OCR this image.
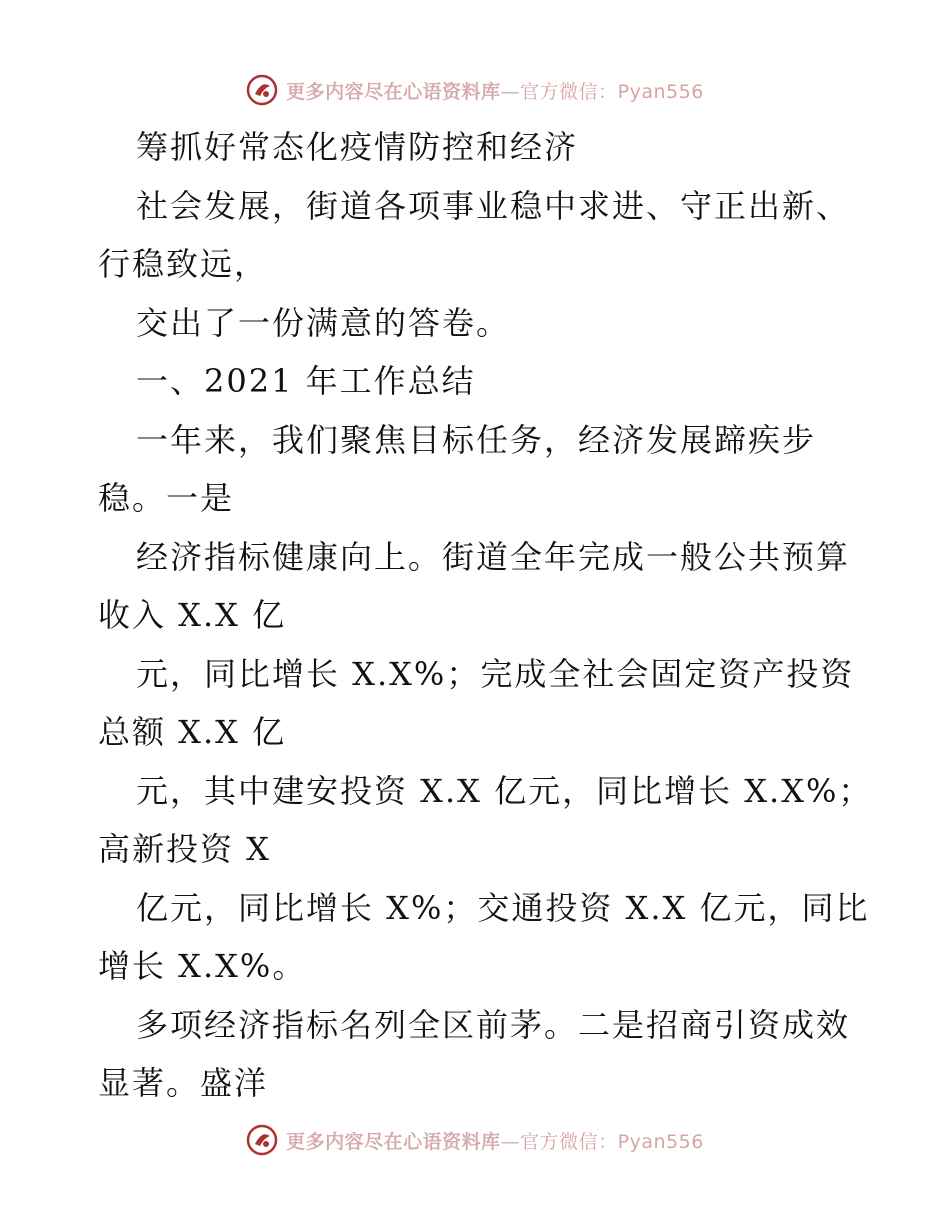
更多内容尽在心语资料库—官方微信：Pyan556
筹抓好常态化疫情防控和经济
社会发展，街道各项事业稳中求进、守正出新、
行稳致远，
交出了一份满意的答卷。
一、2021 年工作总结
一年来，我们聚焦目标任务，经济发展蹄疾步
稳。一是
经济指标健康向上。街道全年完成一般公共预算
收入 X.X 亿
元，同比增长 X.X%；完成全社会固定资产投资
总额 X.X 亿
元，其中建安投资 X.X 亿元，同比增长 X.X%；
高新投资 X
亿元，同比增长 X%；交通投资 X.X 亿元，同比
增长 X.X%。
多项经济指标名列全区前茅。二是招商引资成效
显著。盛洋
更多内容尽在心语资料库—官方微信：Pyan556
